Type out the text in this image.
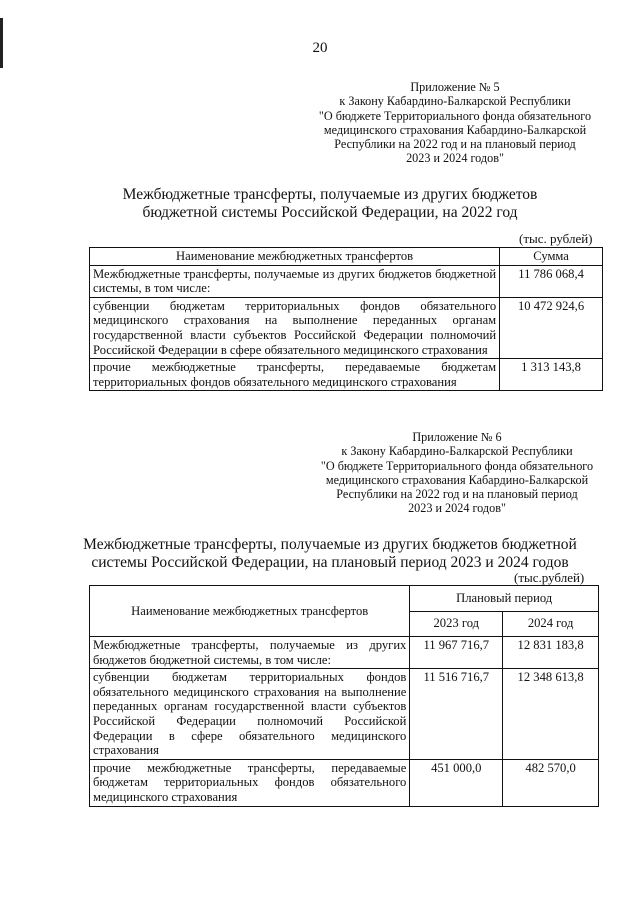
20
Приложение № 5
к Закону Кабардино-Балкарской Республики
"О бюджете Территориального фонда обязательного
медицинского страхования Кабардино-Балкарской
Республики на 2022 год и на плановый период
2023 и 2024 годов"
Межбюджетные трансферты, получаемые из других бюджетов
бюджетной системы Российской Федерации, на 2022 год
(тыс. рублей)
Наименование межбюджетных трансфертов	Сумма
Межбюджетные трансферты, получаемые из других бюджетов бюджетной системы, в том числе:	11 786 068,4
субвенции бюджетам территориальных фондов обязательного медицинского страхования на выполнение переданных органам государственной власти субъектов Российской Федерации полномочий Российской Федерации в сфере обязательного медицинского страхования	10 472 924,6
прочие межбюджетные трансферты, передаваемые бюджетам территориальных фондов обязательного медицинского страхования	1 313 143,8
Приложение № 6
к Закону Кабардино-Балкарской Республики
"О бюджете Территориального фонда обязательного
медицинского страхования Кабардино-Балкарской
Республики на 2022 год и на плановый период
2023 и 2024 годов"
Межбюджетные трансферты, получаемые из других бюджетов бюджетной
системы Российской Федерации, на плановый период 2023 и 2024 годов
(тыс.рублей)
Наименование межбюджетных трансфертов	Плановый период	
	2023 год	2024 год
Межбюджетные трансферты, получаемые из других бюджетов бюджетной системы, в том числе:	11 967 716,7	12 831 183,8
субвенции бюджетам территориальных фондов обязательного медицинского страхования на выполнение переданных органам государственной власти субъектов Российской Федерации полномочий Российской Федерации в сфере обязательного медицинского страхования	11 516 716,7	12 348 613,8
прочие межбюджетные трансферты, передаваемые бюджетам территориальных фондов обязательного медицинского страхования	451 000,0	482 570,0
